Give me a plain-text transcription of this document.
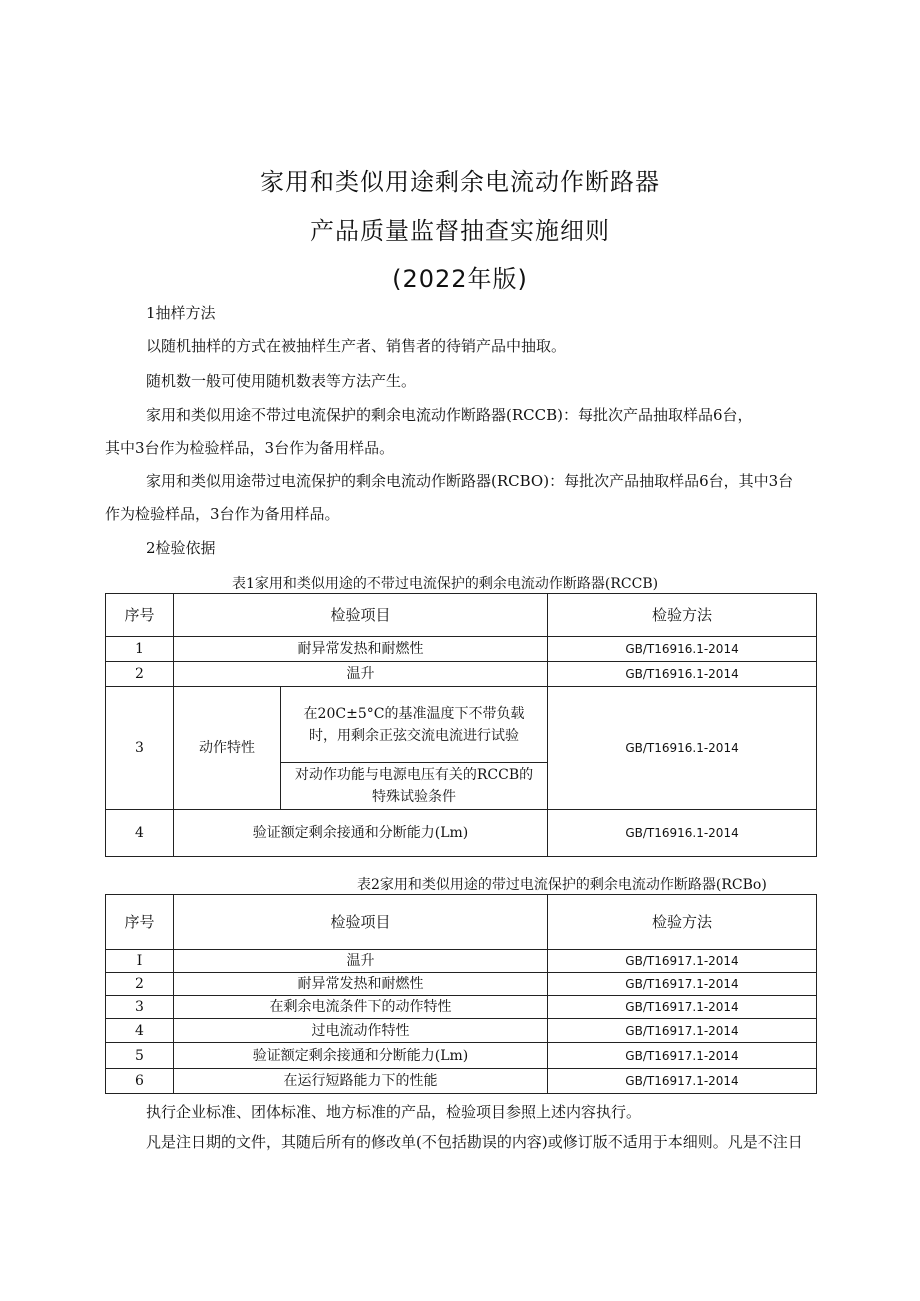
家用和类似用途剩余电流动作断路器
产品质量监督抽查实施细则
(2022年版)
1抽样方法
以随机抽样的方式在被抽样生产者、销售者的待销产品中抽取。
随机数一般可使用随机数表等方法产生。
家用和类似用途不带过电流保护的剩余电流动作断路器(RCCB)：每批次产品抽取样品6台，
其中3台作为检验样品，3台作为备用样品。
家用和类似用途带过电流保护的剩余电流动作断路器(RCBO)：每批次产品抽取样品6台，其中3台
作为检验样品，3台作为备用样品。
2检验依据
表1家用和类似用途的不带过电流保护的剩余电流动作断路器(RCCB)
序号	检验项目		检验方法
1	耐异常发热和耐燃性		GB/T16916.1-2014
2	温升		GB/T16916.1-2014
3	动作特性	在20C±5°C的基准温度下不带负载
时，用剩余正弦交流电流进行试验	GB/T16916.1-2014

		对动作功能与电源电压有关的RCCB的
特殊试验条件	

4	验证额定剩余接通和分断能力(Lm)		GB/T16916.1-2014
表2家用和类似用途的带过电流保护的剩余电流动作断路器(RCBo)
序号	检验项目	检验方法
I	温升	GB/T16917.1-2014
2	耐异常发热和耐燃性	GB/T16917.1-2014
3	在剩余电流条件下的动作特性	GB/T16917.1-2014
4	过电流动作特性	GB/T16917.1-2014
5	验证额定剩余接通和分断能力(Lm)	GB/T16917.1-2014
6	在运行短路能力下的性能	GB/T16917.1-2014
执行企业标准、团体标准、地方标准的产品，检验项目参照上述内容执行。
凡是注日期的文件，其随后所有的修改单(不包括勘误的内容)或修订版不适用于本细则。凡是不注日
